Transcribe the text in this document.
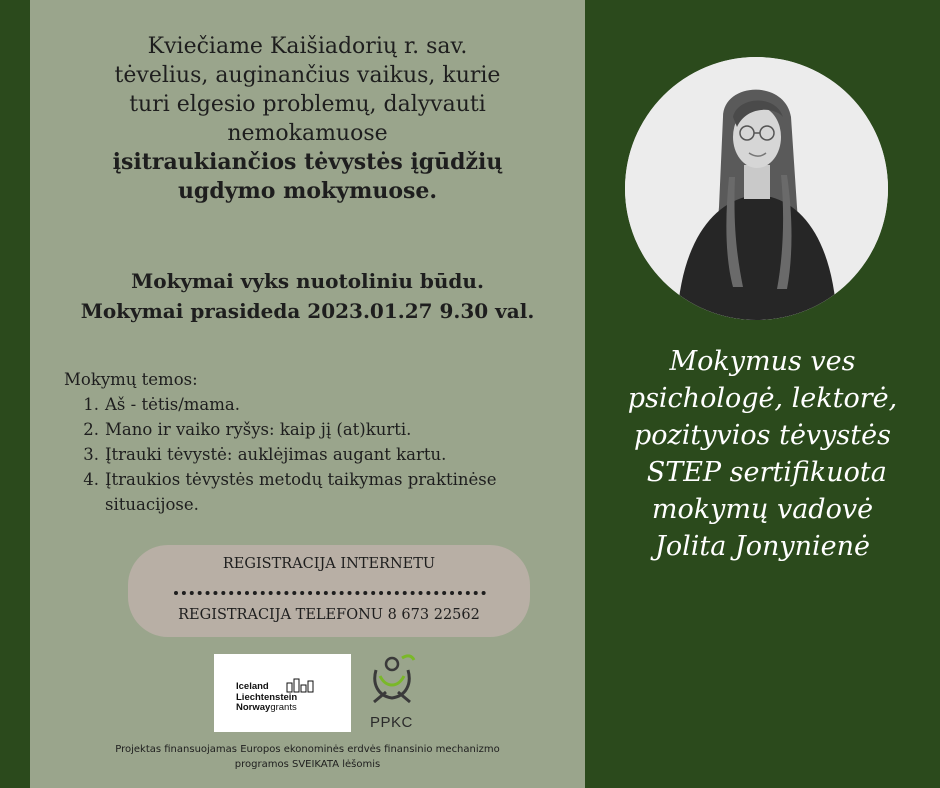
Kviečiame Kaišiadorių r. sav.
tėvelius, auginančius vaikus, kurie
turi elgesio problemų, dalyvauti
nemokamuose
įsitraukiančios tėvystės įgūdžių
ugdymo mokymuose.
Mokymai vyks nuotoliniu būdu.
Mokymai prasideda 2023.01.27 9.30 val.
Mokymų temos:
1. Aš - tėtis/mama.
2. Mano ir vaiko ryšys: kaip jį (at)kurti.
3. Įtrauki tėvystė: auklėjimas augant kartu.
4. Įtraukios tėvystės metodų taikymas praktinėse situacijose.
REGISTRACIJA INTERNETU
REGISTRACIJA TELEFONU 8 673 22562
Iceland
Liechtenstein
Norwaygrants
PPKC
Projektas finansuojamas Europos ekonominės erdvės finansinio mechanizmo
programos SVEIKATA lėšomis
Mokymus ves
psichologė, lektorė,
pozityvios tėvystės
STEP sertifikuota
mokymų vadovė
Jolita Jonynienė
